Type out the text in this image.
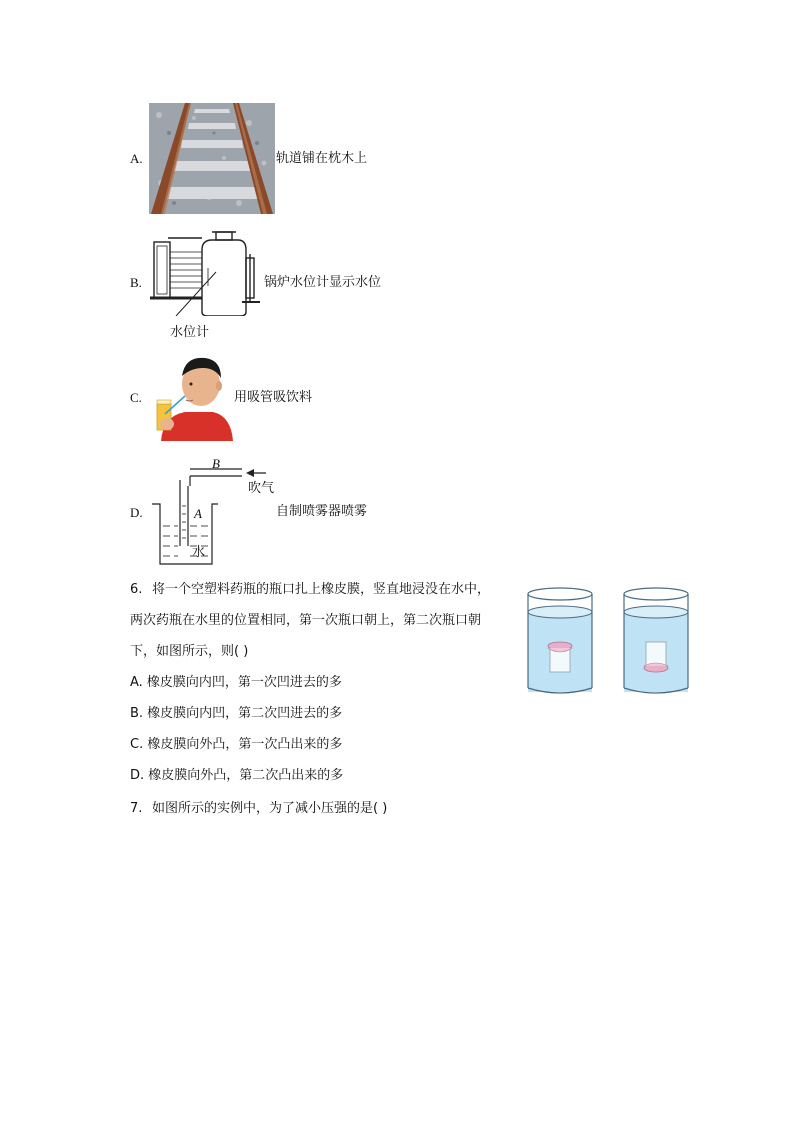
A.	轨道铺在枕木上
B.	锅炉水位计显示水位
水位计
C.	用吸管吸饮料
D.
B
A
吹气
水
自制喷雾器喷雾
6. 将一个空塑料药瓶的瓶口扎上橡皮膜，竖直地浸没在水中，
两次药瓶在水里的位置相同，第一次瓶口朝上，第二次瓶口朝
下，如图所示，则( )
A. 橡皮膜向内凹，第一次凹进去的多
B. 橡皮膜向内凹，第二次凹进去的多
C. 橡皮膜向外凸，第一次凸出来的多
D. 橡皮膜向外凸，第二次凸出来的多
7. 如图所示的实例中，为了减小压强的是( )
